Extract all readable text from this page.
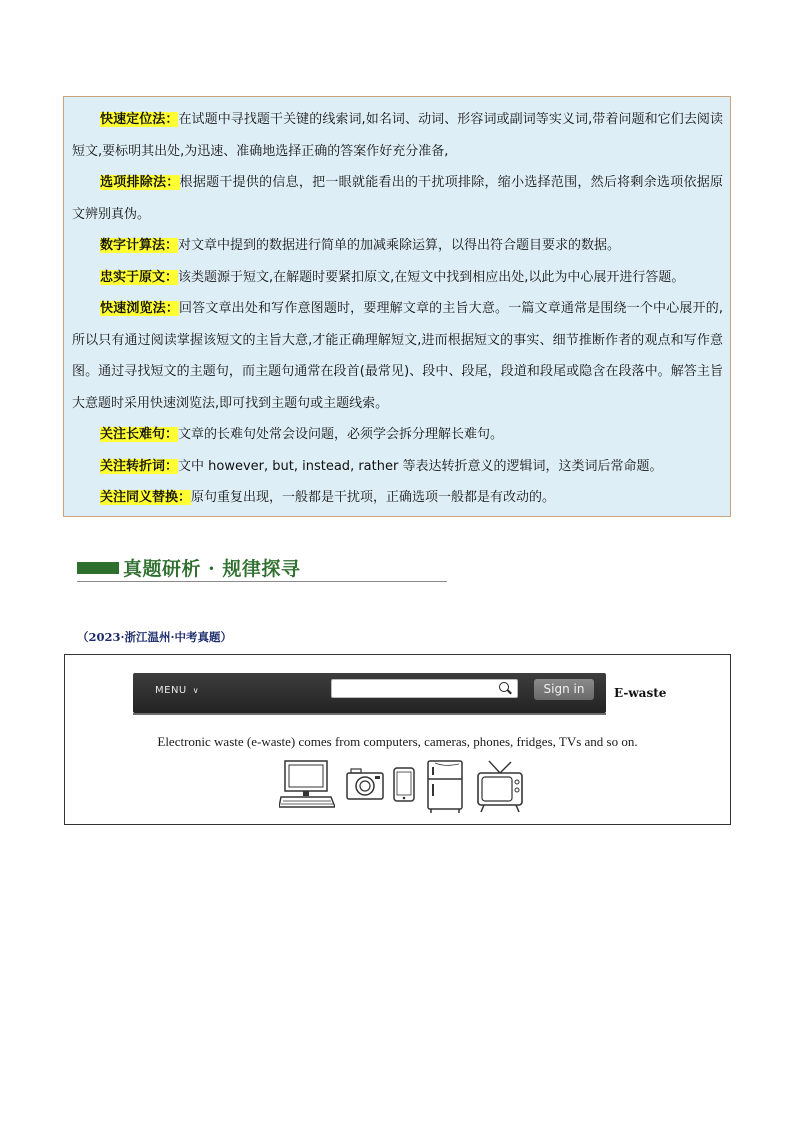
快速定位法：在试题中寻找题干关键的线索词,如名词、动词、形容词或副词等实义词,带着问题和它们去阅读短文,要标明其出处,为迅速、准确地选择正确的答案作好充分准备,

选项排除法：根据题干提供的信息，把一眼就能看出的干扰项排除，缩小选择范围，然后将剩余选项依据原文辨别真伪。

数字计算法：对文章中提到的数据进行简单的加减乘除运算，以得出符合题目要求的数据。

忠实于原文：该类题源于短文,在解题时要紧扣原文,在短文中找到相应出处,以此为中心展开进行答题。

快速浏览法：回答文章出处和写作意图题时，要理解文章的主旨大意。一篇文章通常是围绕一个中心展开的,所以只有通过阅读掌握该短文的主旨大意,才能正确理解短文,进而根据短文的事实、细节推断作者的观点和写作意图。通过寻找短文的主题句，而主题句通常在段首(最常见)、段中、段尾，段道和段尾或隐含在段落中。解答主旨大意题时采用快速浏览法,即可找到主题句或主题线索。

关注长难句：文章的长难句处常会设问题，必须学会拆分理解长难句。

关注转折词：文中 however, but, instead, rather 等表达转折意义的逻辑词，这类词后常命题。

关注同义替换：原句重复出现，一般都是干扰项，正确选项一般都是有改动的。

真题研析 · 规律探寻
（2023·浙江温州·中考真题）
MENU ∨	Sign in	E-waste
Electronic waste (e-waste) comes from computers, cameras, phones, fridges, TVs and so on.
